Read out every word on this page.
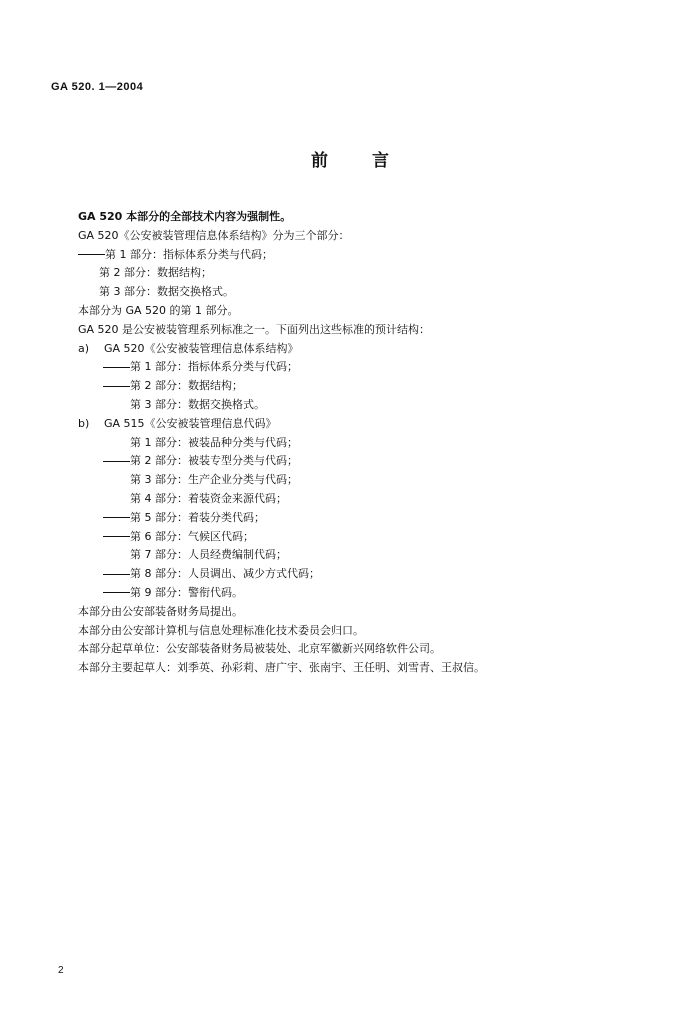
GA 520. 1—2004
前言
GA 520 本部分的全部技术内容为强制性。
GA 520《公安被装管理信息体系结构》分为三个部分：
第 1 部分：指标体系分类与代码；
第 2 部分：数据结构；
第 3 部分：数据交换格式。
本部分为 GA 520 的第 1 部分。
GA 520 是公安被装管理系列标准之一。下面列出这些标准的预计结构：
a) GA 520《公安被装管理信息体系结构》
第 1 部分：指标体系分类与代码；
第 2 部分：数据结构；
第 3 部分：数据交换格式。
b) GA 515《公安被装管理信息代码》
第 1 部分：被装品种分类与代码；
第 2 部分：被装专型分类与代码；
第 3 部分：生产企业分类与代码；
第 4 部分：着装资金来源代码；
第 5 部分：着装分类代码；
第 6 部分：气候区代码；
第 7 部分：人员经费编制代码；
第 8 部分：人员调出、减少方式代码；
第 9 部分：警衔代码。
本部分由公安部装备财务局提出。
本部分由公安部计算机与信息处理标准化技术委员会归口。
本部分起草单位：公安部装备财务局被装处、北京军徽新兴网络软件公司。
本部分主要起草人：刘季英、孙彩莉、唐广宇、张南宇、王任明、刘雪青、王叔信。
2
